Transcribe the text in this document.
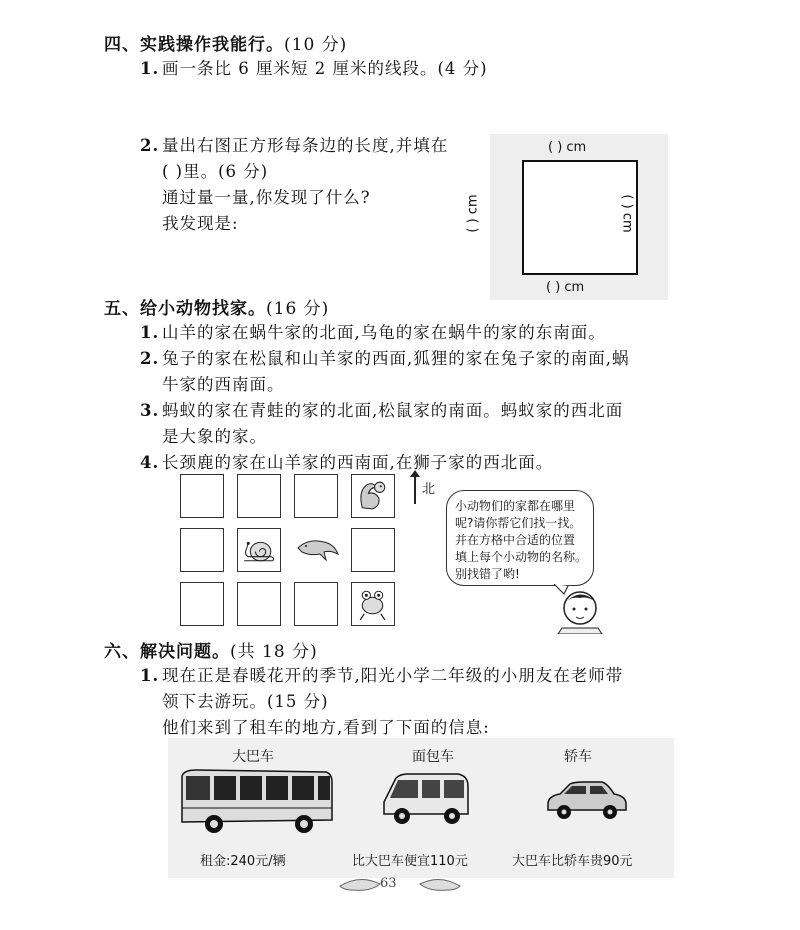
四、实践操作我能行。(10 分)
1. 画一条比 6 厘米短 2 厘米的线段。(4 分)
2. 量出右图正方形每条边的长度,并填在
( )里。(6 分)
通过量一量,你发现了什么?
我发现是:
( ) cm
( ) cm
( ) cm
( ) cm
五、给小动物找家。(16 分)
1. 山羊的家在蜗牛家的北面,乌龟的家在蜗牛的家的东南面。
2. 兔子的家在松鼠和山羊家的西面,狐狸的家在兔子家的南面,蜗
牛家的西南面。
3. 蚂蚁的家在青蛙的家的北面,松鼠家的南面。蚂蚁家的西北面
是大象的家。
4. 长颈鹿的家在山羊家的西南面,在狮子家的西北面。
北
小动物们的家都在哪里
呢?请你帮它们找一找。
并在方格中合适的位置
填上每个小动物的名称。
别找错了哟!
六、解决问题。(共 18 分)
1. 现在正是春暖花开的季节,阳光小学二年级的小朋友在老师带
领下去游玩。(15 分)
他们来到了租车的地方,看到了下面的信息:
大巴车	面包车	轿车
租金:240元/辆	比大巴车便宜110元	大巴车比轿车贵90元
63
